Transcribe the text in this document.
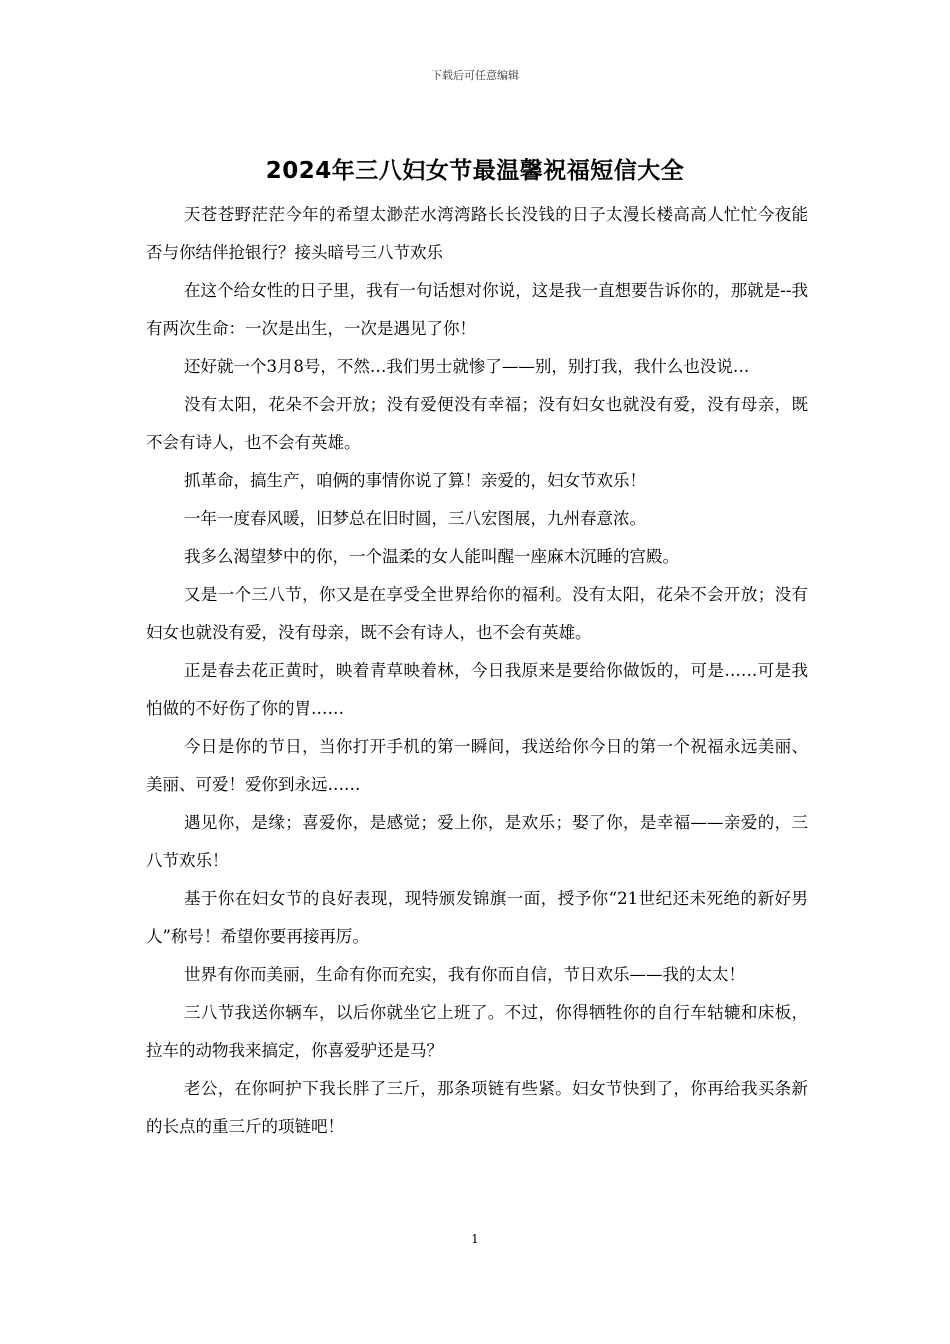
下载后可任意编辑
2024年三八妇女节最温馨祝福短信大全

天苍苍野茫茫今年的希望太渺茫水湾湾路长长没钱的日子太漫长楼高高人忙忙今夜能否与你结伴抢银行？接头暗号三八节欢乐

在这个给女性的日子里，我有一句话想对你说，这是我一直想要告诉你的，那就是--我有两次生命：一次是出生，一次是遇见了你！

还好就一个3月8号，不然…我们男士就惨了——别，别打我，我什么也没说…

没有太阳，花朵不会开放；没有爱便没有幸福；没有妇女也就没有爱，没有母亲，既不会有诗人，也不会有英雄。

抓革命，搞生产，咱俩的事情你说了算！亲爱的，妇女节欢乐！

一年一度春风暖，旧梦总在旧时圆，三八宏图展，九州春意浓。

我多么渴望梦中的你，一个温柔的女人能叫醒一座麻木沉睡的宫殿。

又是一个三八节，你又是在享受全世界给你的福利。没有太阳，花朵不会开放；没有妇女也就没有爱，没有母亲，既不会有诗人，也不会有英雄。

正是春去花正黄时，映着青草映着林，今日我原来是要给你做饭的，可是……可是我怕做的不好伤了你的胃……

今日是你的节日，当你打开手机的第一瞬间，我送给你今日的第一个祝福永远美丽、美丽、可爱！爱你到永远……

遇见你，是缘；喜爱你，是感觉；爱上你，是欢乐；娶了你，是幸福——亲爱的，三八节欢乐！

基于你在妇女节的良好表现，现特颁发锦旗一面，授予你“21世纪还未死绝的新好男人”称号！希望你要再接再厉。

世界有你而美丽，生命有你而充实，我有你而自信，节日欢乐——我的太太！

三八节我送你辆车，以后你就坐它上班了。不过，你得牺牲你的自行车轱辘和床板，拉车的动物我来搞定，你喜爱驴还是马？

老公，在你呵护下我长胖了三斤，那条项链有些紧。妇女节快到了，你再给我买条新的长点的重三斤的项链吧！

1
